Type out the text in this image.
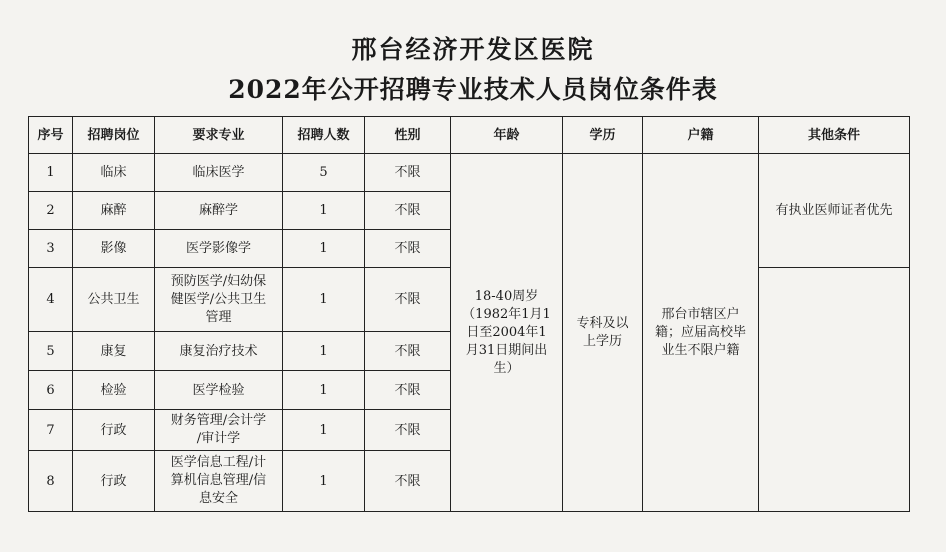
邢台经济开发区医院
2022年公开招聘专业技术人员岗位条件表
序号	招聘岗位	要求专业	招聘人数	性别	年龄	学历	户籍	其他条件
1	临床	临床医学	5	不限	18-40周岁
（1982年1月1
日至2004年1
月31日期间出
生）	专科及以
上学历	邢台市辖区户
籍；应届高校毕
业生不限户籍	有执业医师证者优先
2	麻醉	麻醉学	1	不限				
3	影像	医学影像学	1	不限				
4	公共卫生	预防医学/妇幼保
健医学/公共卫生
管理	1	不限				
5	康复	康复治疗技术	1	不限				
6	检验	医学检验	1	不限				
7	行政	财务管理/会计学
/审计学	1	不限				
8	行政	医学信息工程/计
算机信息管理/信
息安全	1	不限				
